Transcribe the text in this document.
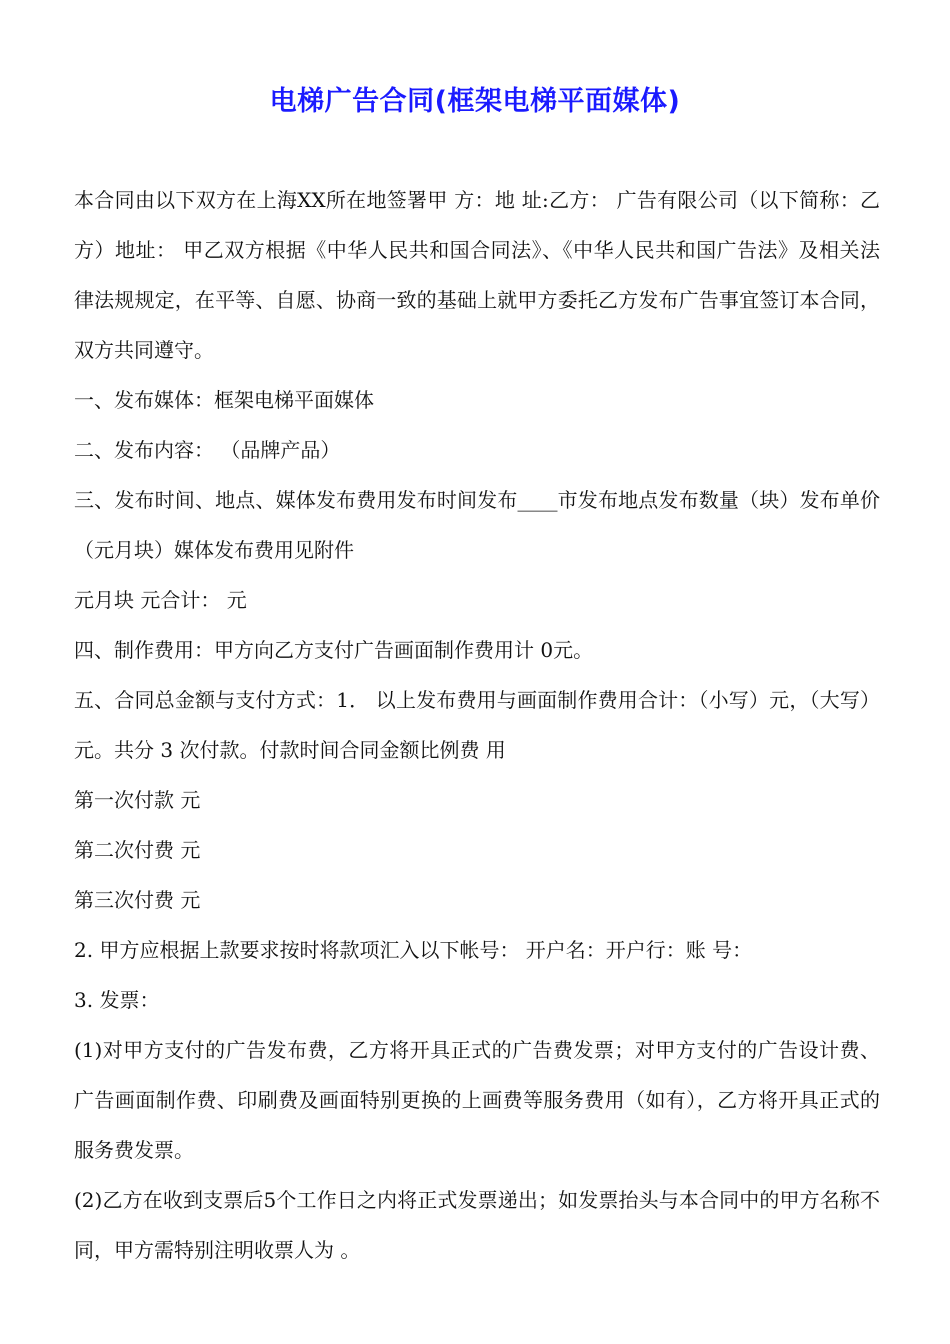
电梯广告合同(框架电梯平面媒体)

本合同由以下双方在上海XX所在地签署甲 方：地 址:乙方： 广告有限公司（以下简称：乙方）地址： 甲乙双方根据《中华人民共和国合同法》、《中华人民共和国广告法》及相关法律法规规定，在平等、自愿、协商一致的基础上就甲方委托乙方发布广告事宜签订本合同，双方共同遵守。

一、发布媒体：框架电梯平面媒体

二、发布内容： （品牌产品）

三、发布时间、地点、媒体发布费用发布时间发布____市发布地点发布数量（块）发布单价 （元月块）媒体发布费用见附件

元月块 元合计： 元

四、制作费用：甲方向乙方支付广告画面制作费用计 0元。

五、合同总金额与支付方式：1． 以上发布费用与画面制作费用合计：（小写）元，（大写） 元。共分 3 次付款。付款时间合同金额比例费 用

第一次付款 元

第二次付费 元

第三次付费 元

2. 甲方应根据上款要求按时将款项汇入以下帐号： 开户名：开户行：账 号：

3. 发票：

(1)对甲方支付的广告发布费，乙方将开具正式的广告费发票；对甲方支付的广告设计费、广告画面制作费、印刷费及画面特别更换的上画费等服务费用（如有），乙方将开具正式的服务费发票。

(2)乙方在收到支票后5个工作日之内将正式发票递出；如发票抬头与本合同中的甲方名称不同，甲方需特别注明收票人为 。
